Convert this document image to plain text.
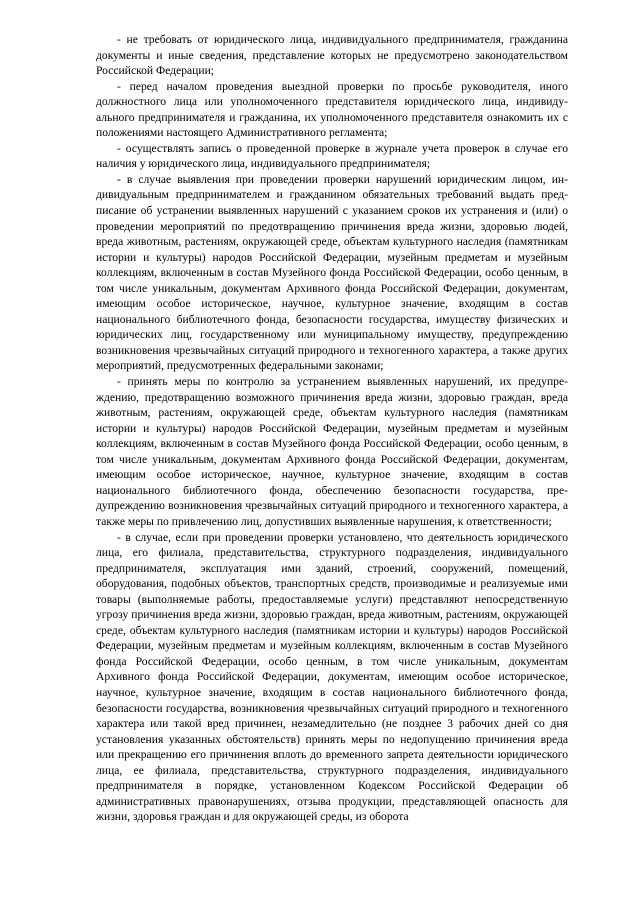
- не требовать от юридического лица, индивидуального предпринимателя, гражданина документы и иные сведения, представление которых не предусмотрено законодательством Российской Федерации;

- перед началом проведения выездной проверки по просьбе руководителя, иного должностного лица или уполномоченного представителя юридического лица, индивидуального предпринимателя и гражданина, их уполномоченного представителя ознакомить их с положениями настоящего Административного регламента;

- осуществлять запись о проведенной проверке в журнале учета проверок в случае его наличия у юридического лица, индивидуального предпринимателя;

- в случае выявления при проведении проверки нарушений юридическим лицом, индивидуальным предпринимателем и гражданином обязательных требований выдать предписание об устранении выявленных нарушений с указанием сроков их устранения и (или) о проведении мероприятий по предотвращению причинения вреда жизни, здоровью людей, вреда животным, растениям, окружающей среде, объектам культурного наследия (памятникам истории и культуры) народов Российской Федерации, музейным предметам и музейным коллекциям, включенным в состав Музейного фонда Российской Федерации, особо ценным, в том числе уникальным, документам Архивного фонда Российской Федерации, документам, имеющим особое историческое, научное, культурное значение, входящим в состав национального библиотечного фонда, безопасности государства, имуществу физических и юридических лиц, государственному или муниципальному имуществу, предупреждению возникновения чрезвычайных ситуаций природного и техногенного характера, а также других мероприятий, предусмотренных федеральными законами;

- принять меры по контролю за устранением выявленных нарушений, их предупреждению, предотвращению возможного причинения вреда жизни, здоровью граждан, вреда животным, растениям, окружающей среде, объектам культурного наследия (памятникам истории и культуры) народов Российской Федерации, музейным предметам и музейным коллекциям, включенным в состав Музейного фонда Российской Федерации, особо ценным, в том числе уникальным, документам Архивного фонда Российской Федерации, документам, имеющим особое историческое, научное, культурное значение, входящим в состав национального библиотечного фонда, обеспечению безопасности государства, предупреждению возникновения чрезвычайных ситуаций природного и техногенного характера, а также меры по привлечению лиц, допустивших выявленные нарушения, к ответственности;

- в случае, если при проведении проверки установлено, что деятельность юридического лица, его филиала, представительства, структурного подразделения, индивидуального предпринимателя, эксплуатация ими зданий, строений, сооружений, помещений, оборудования, подобных объектов, транспортных средств, производимые и реализуемые ими товары (выполняемые работы, предоставляемые услуги) представляют непосредственную угрозу причинения вреда жизни, здоровью граждан, вреда животным, растениям, окружающей среде, объектам культурного наследия (памятникам истории и культуры) народов Российской Федерации, музейным предметам и музейным коллекциям, включенным в состав Музейного фонда Российской Федерации, особо ценным, в том числе уникальным, документам Архивного фонда Российской Федерации, документам, имеющим особое историческое, научное, культурное значение, входящим в состав национального библиотечного фонда, безопасности государства, возникновения чрезвычайных ситуаций природного и техногенного характера или такой вред причинен, незамедлительно (не позднее 3 рабочих дней со дня установления указанных обстоятельств) принять меры по недопущению причинения вреда или прекращению его причинения вплоть до временного запрета деятельности юридического лица, ее филиала, представительства, структурного подразделения, индивидуального предпринимателя в порядке, установленном Кодексом Российской Федерации об административных правонарушениях, отзыва продукции, представляющей опасность для жизни, здоровья граждан и для окружающей среды, из оборота
